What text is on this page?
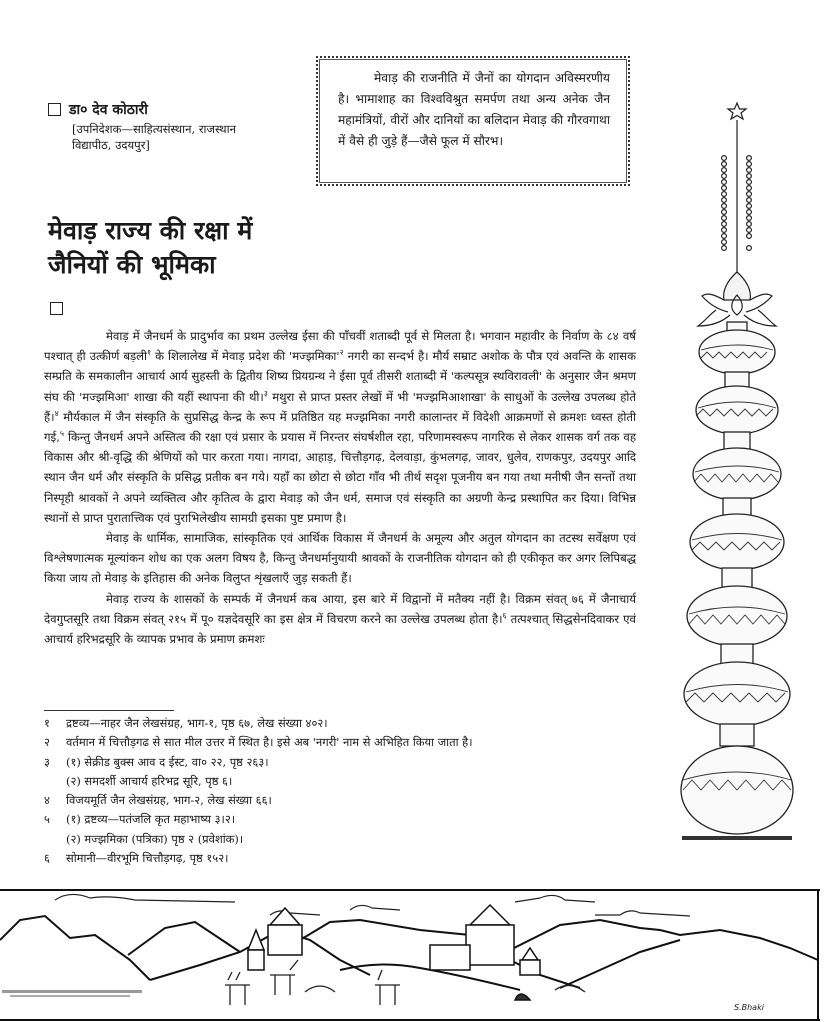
डा० देव कोठारी
[उपनिदेशक—साहित्यसंस्थान, राजस्थान
विद्यापीठ, उदयपुर]

मेवाड़ की राजनीति में जैनों का योगदान अविस्मरणीय है। भामाशाह का विश्वविश्रुत समर्पण तथा अन्य अनेक जैन महामंत्रियों, वीरों और दानियों का बलिदान मेवाड़ की गौरवगाथा में वैसे ही जुड़े हैं—जैसे फूल में सौरभ।

मेवाड़ राज्य की रक्षा में
जैनियों की भूमिका

मेवाड़ में जैनधर्म के प्रादुर्भाव का प्रथम उल्लेख ईसा की पाँचवीं शताब्दी पूर्व से मिलता है। भगवान महावीर के निर्वाण के ८४ वर्ष पश्चात् ही उत्कीर्ण बड़ली$^१$ के शिलालेख में मेवाड़ प्रदेश की '$मज्झमिका'^२$ नगरी का सन्दर्भ है। मौर्य सम्राट अशोक के पौत्र एवं अवन्ति के शासक सम्प्रति के समकालीन आचार्य आर्य सुहस्ती के द्वितीय शिष्य प्रियग्रन्थ ने ईसा पूर्व तीसरी शताब्दी में 'कल्पसूत्र स्थविरावली' के अनुसार जैन श्रमण संघ की 'मज्झमिआ' शाखा की यहीं स्थापना की थी।$^३$ मथुरा से प्राप्त प्रस्तर लेखों में भी 'मज्झमिआशाखा' के साधुओं के उल्लेख उपलब्ध होते हैं।$^४$ मौर्यकाल में जैन संस्कृति के सुप्रसिद्ध केन्द्र के रूप में प्रतिष्ठित यह मज्झमिका नगरी कालान्तर में विदेशी आक्रमणों से क्रमशः ध्वस्त होती गई,$^५$ किन्तु जैनधर्म अपने अस्तित्व की रक्षा एवं प्रसार के प्रयास में निरन्तर संघर्षशील रहा, परिणामस्वरूप नागरिक से लेकर शासक वर्ग तक वह विकास और श्री-वृद्धि की श्रेणियों को पार करता गया। नागदा, आहाड़, चित्तौड़गढ़, देलवाड़ा, कुंभलगढ़, जावर, धुलेव, राणकपुर, उदयपुर आदि स्थान जैन धर्म और संस्कृति के प्रसिद्ध प्रतीक बन गये। यहाँ का छोटा से छोटा गाँव भी तीर्थ सदृश पूजनीय बन गया तथा मनीषी जैन सन्तों तथा निस्पृही श्रावकों ने अपने व्यक्तित्व और कृतित्व के द्वारा मेवाड़ को जैन धर्म, समाज एवं संस्कृति का अग्रणी केन्द्र प्रस्थापित कर दिया। विभिन्न स्थानों से प्राप्त पुरातात्त्विक एवं पुराभिलेखीय सामग्री इसका पुष्ट प्रमाण है।

मेवाड़ के धार्मिक, सामाजिक, सांस्कृतिक एवं आर्थिक विकास में जैनधर्म के अमूल्य और अतुल योगदान का तटस्थ सर्वेक्षण एवं विश्लेषणात्मक मूल्यांकन शोध का एक अलग विषय है, किन्तु जैनधर्मानुयायी श्रावकों के राजनीतिक योगदान को ही एकीकृत कर अगर लिपिबद्ध किया जाय तो मेवाड़ के इतिहास की अनेक विलुप्त शृंखलाएँ जुड़ सकती हैं।

मेवाड़ राज्य के शासकों के सम्पर्क में जैनधर्म कब आया, इस बारे में विद्वानों में मतैक्य नहीं है। विक्रम संवत् ७६ में जैनाचार्य देवगुप्तसूरि तथा विक्रम संवत् २१५ में पू० यज्ञदेवसूरि का इस क्षेत्र में विचरण करने का उल्लेख उपलब्ध होता है।$^६$ तत्पश्चात् सिद्धसेनदिवाकर एवं आचार्य हरिभद्रसूरि के व्यापक प्रभाव के प्रमाण क्रमशः

१	द्रष्टव्य—नाहर जैन लेखसंग्रह, भाग-१, पृष्ठ ६७, लेख संख्या ४०२।
२	वर्तमान में चित्तौड़गढ से सात मील उत्तर में स्थित है। इसे अब 'नगरी' नाम से अभिहित किया जाता है।
३	(१) सेक्रीड बुक्स आव द ईस्ट, वा० २२, पृष्ठ २६३।
(२) समदर्शी आचार्य हरिभद्र सूरि, पृष्ठ ६।
४	विजयमूर्ति जैन लेखसंग्रह, भाग-२, लेख संख्या ६६।
५	(१) द्रष्टव्य—पतंजलि कृत महाभाष्य ३।२।
(२) मज्झमिका (पत्रिका) पृष्ठ २ (प्रवेशांक)।
६	सोमानी—वीरभूमि चित्तौड़गढ़, पृष्ठ १५२।
S.Bhaki
